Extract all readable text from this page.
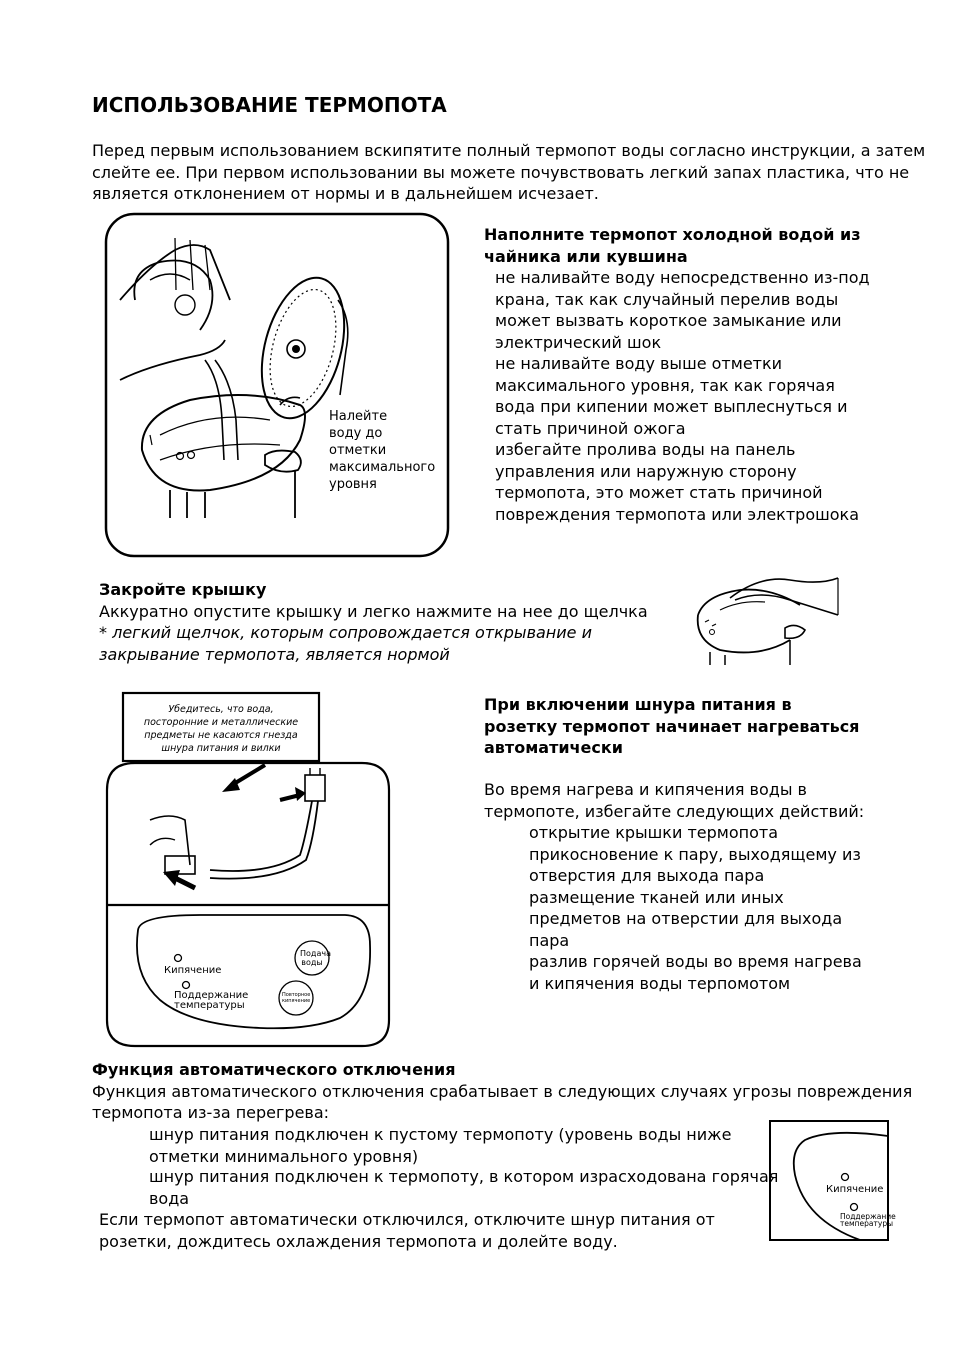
ИСПОЛЬЗОВАНИЕ ТЕРМОПОТА
Перед первым использованием вскипятите полный термопот воды согласно инструкции, а затем
слейте ее. При первом использовании вы можете почувствовать легкий запах пластика, что не
является отклонением от нормы и в дальнейшем исчезает.
Налейте
воду до
отметки
максимального
уровня
Наполните термопот холодной водой из
чайника или кувшина
не наливайте воду непосредственно из-под
крана, так как случайный перелив воды
может вызвать короткое замыкание или
электрический шок
не наливайте воду выше отметки
максимального уровня, так как горячая
вода при кипении может выплеснуться и
стать причиной ожога
избегайте пролива воды на панель
управления или наружную сторону
термопота, это может стать причиной
повреждения термопота или электрошока
Закройте крышку
Аккуратно опустите крышку и легко нажмите на нее до щелчка
* легкий щелчок, которым сопровождается открывание и
закрывание термопота, является нормой
Убедитесь, что вода,
посторонние и металлические
предметы не касаются гнезда
шнура питания и вилки
Кипячение
Поддержание
температуры
Подача
воды
Повторное
кипячение
При включении шнура питания в
розетку термопот начинает нагреваться
автоматически
Во время нагрева и кипячения воды в
термопоте, избегайте следующих действий:
открытие крышки термопота
прикосновение к пару, выходящему из
отверстия для выхода пара
размещение тканей или иных
предметов на отверстии для выхода
пара
разлив горячей воды во время нагрева
и кипячения воды терпомотом
Функция автоматического отключения
Функция автоматического отключения срабатывает в следующих случаях угрозы повреждения
термопота из-за перегрева:
шнур питания подключен к пустому термопоту (уровень воды ниже
отметки минимального уровня)
шнур питания подключен к термопоту, в котором израсходована горячая
вода
Если термопот автоматически отключился, отключите шнур питания от
розетки, дождитесь охлаждения термопота и долейте воду.
Кипячение
Поддержание
температуры
